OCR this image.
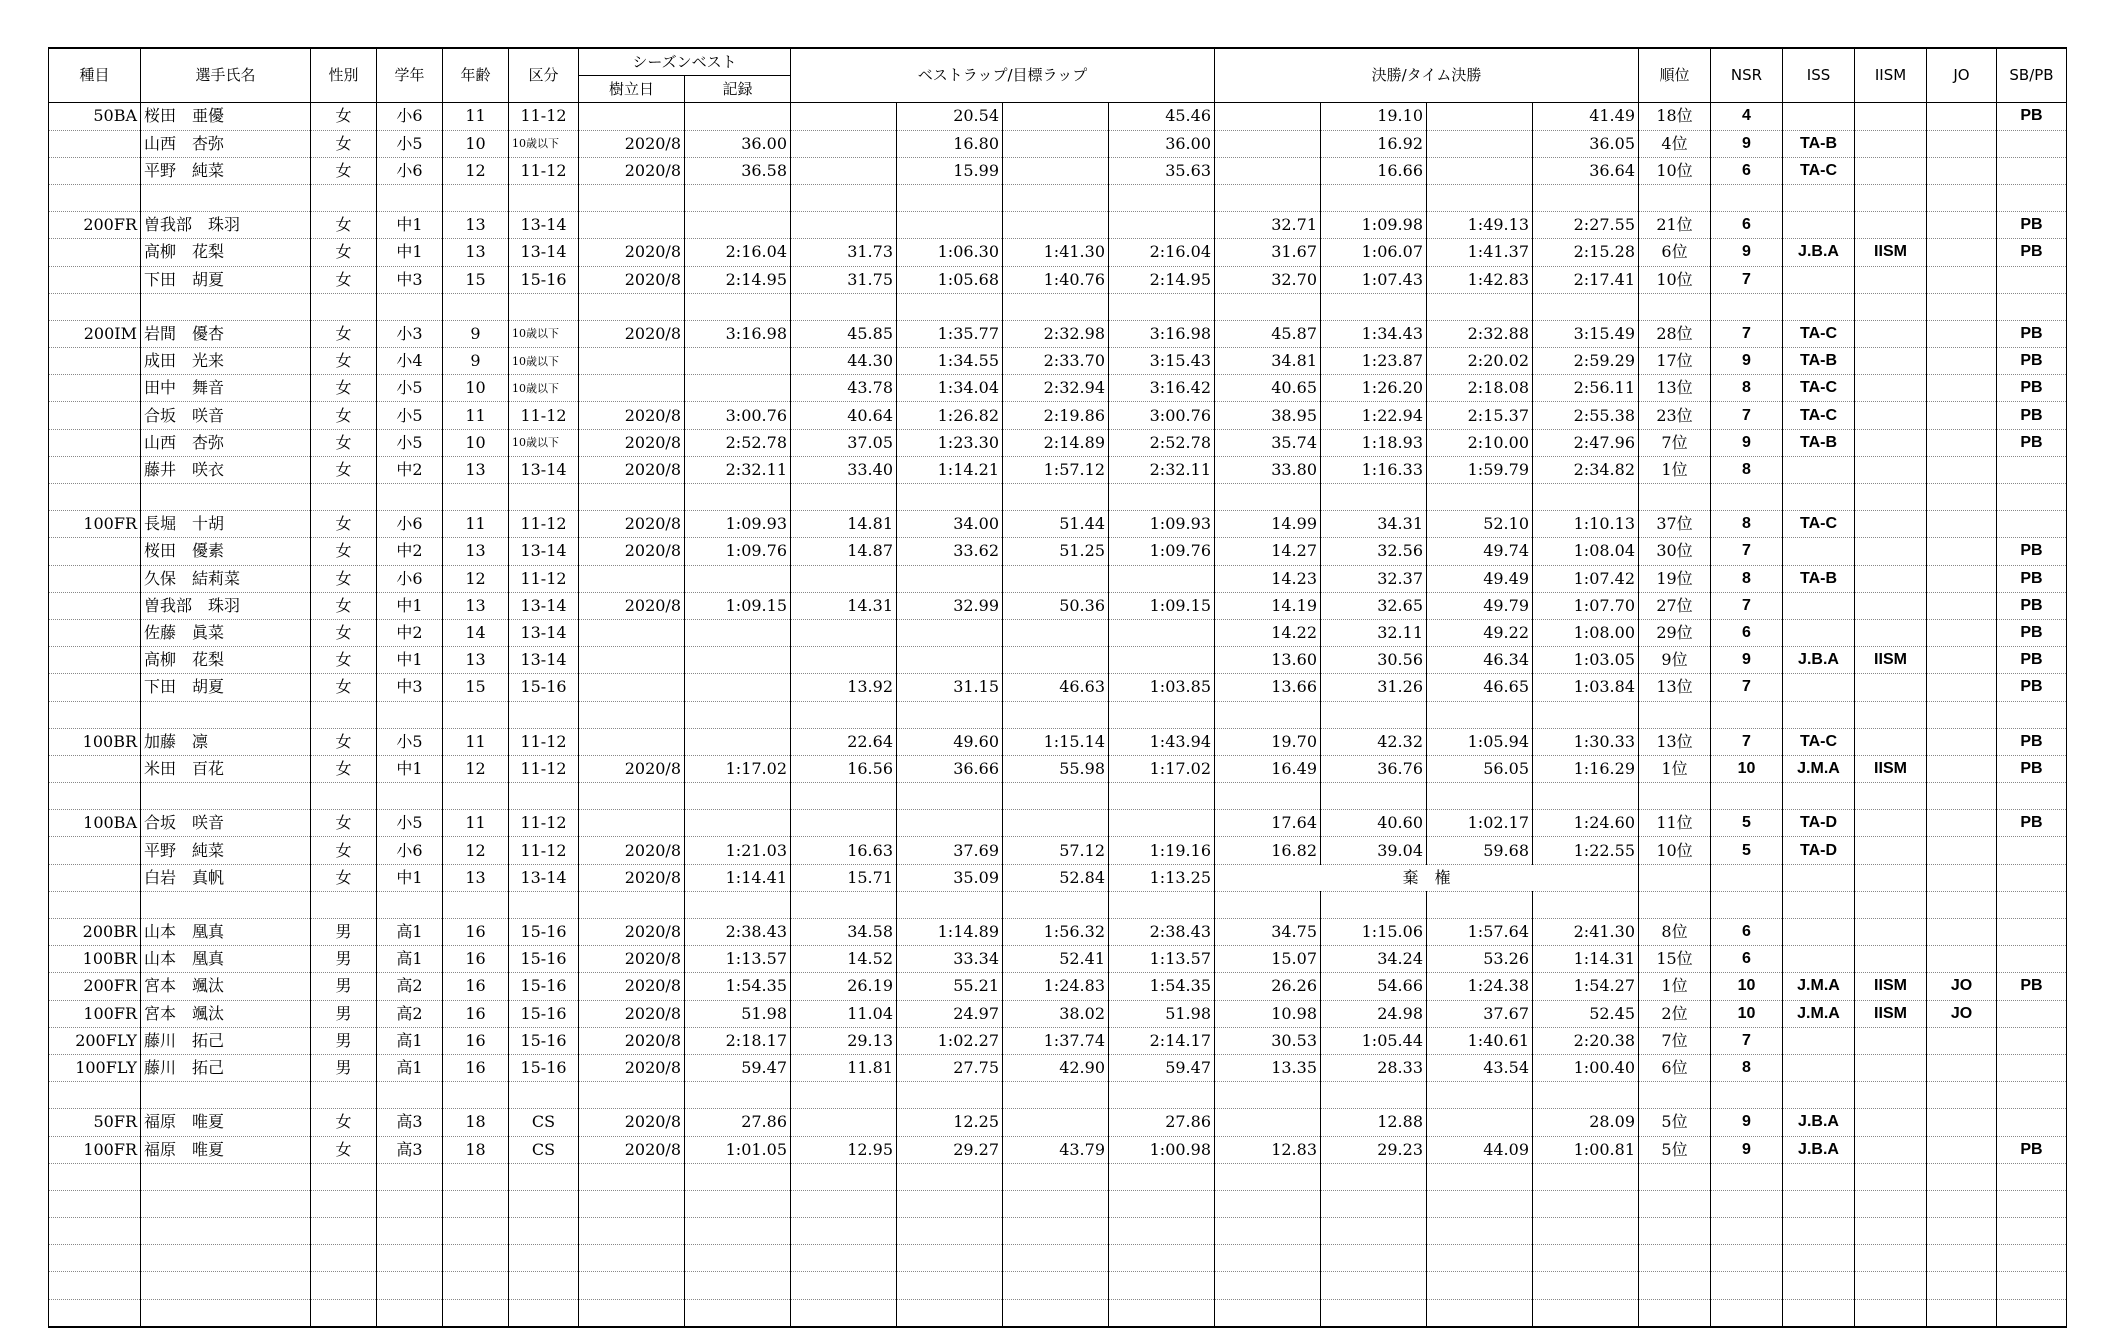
種目	選手氏名	性別	学年	年齢	区分	シーズンベスト		ベストラップ/目標ラップ				決勝/タイム決勝				順位	NSR	ISS	IISM	JO	SB/PB
						樹立日	記録														
50BA	桜田　亜優	女	小6	11	11-12				20.54		45.46		19.10		41.49	18位	4				PB
	山西　杏弥	女	小5	10	10歳以下	2020/8	36.00		16.80		36.00		16.92		36.05	4位	9	TA-B			
	平野　純菜	女	小6	12	11-12	2020/8	36.58		15.99		35.63		16.66		36.64	10位	6	TA-C			

200FR	曽我部　珠羽	女	中1	13	13-14							32.71	1:09.98	1:49.13	2:27.55	21位	6				PB
	高柳　花梨	女	中1	13	13-14	2020/8	2:16.04	31.73	1:06.30	1:41.30	2:16.04	31.67	1:06.07	1:41.37	2:15.28	6位	9	J.B.A	IISM		PB
	下田　胡夏	女	中3	15	15-16	2020/8	2:14.95	31.75	1:05.68	1:40.76	2:14.95	32.70	1:07.43	1:42.83	2:17.41	10位	7				

200IM	岩間　優杏	女	小3	9	10歳以下	2020/8	3:16.98	45.85	1:35.77	2:32.98	3:16.98	45.87	1:34.43	2:32.88	3:15.49	28位	7	TA-C			PB
	成田　光来	女	小4	9	10歳以下			44.30	1:34.55	2:33.70	3:15.43	34.81	1:23.87	2:20.02	2:59.29	17位	9	TA-B			PB
	田中　舞音	女	小5	10	10歳以下			43.78	1:34.04	2:32.94	3:16.42	40.65	1:26.20	2:18.08	2:56.11	13位	8	TA-C			PB
	合坂　咲音	女	小5	11	11-12	2020/8	3:00.76	40.64	1:26.82	2:19.86	3:00.76	38.95	1:22.94	2:15.37	2:55.38	23位	7	TA-C			PB
	山西　杏弥	女	小5	10	10歳以下	2020/8	2:52.78	37.05	1:23.30	2:14.89	2:52.78	35.74	1:18.93	2:10.00	2:47.96	7位	9	TA-B			PB
	藤井　咲衣	女	中2	13	13-14	2020/8	2:32.11	33.40	1:14.21	1:57.12	2:32.11	33.80	1:16.33	1:59.79	2:34.82	1位	8				

100FR	長堀　十胡	女	小6	11	11-12	2020/8	1:09.93	14.81	34.00	51.44	1:09.93	14.99	34.31	52.10	1:10.13	37位	8	TA-C			
	桜田　優素	女	中2	13	13-14	2020/8	1:09.76	14.87	33.62	51.25	1:09.76	14.27	32.56	49.74	1:08.04	30位	7				PB
	久保　結莉菜	女	小6	12	11-12							14.23	32.37	49.49	1:07.42	19位	8	TA-B			PB
	曽我部　珠羽	女	中1	13	13-14	2020/8	1:09.15	14.31	32.99	50.36	1:09.15	14.19	32.65	49.79	1:07.70	27位	7				PB
	佐藤　眞菜	女	中2	14	13-14							14.22	32.11	49.22	1:08.00	29位	6				PB
	高柳　花梨	女	中1	13	13-14							13.60	30.56	46.34	1:03.05	9位	9	J.B.A	IISM		PB
	下田　胡夏	女	中3	15	15-16			13.92	31.15	46.63	1:03.85	13.66	31.26	46.65	1:03.84	13位	7				PB

100BR	加藤　凛	女	小5	11	11-12			22.64	49.60	1:15.14	1:43.94	19.70	42.32	1:05.94	1:30.33	13位	7	TA-C			PB
	米田　百花	女	中1	12	11-12	2020/8	1:17.02	16.56	36.66	55.98	1:17.02	16.49	36.76	56.05	1:16.29	1位	10	J.M.A	IISM		PB

100BA	合坂　咲音	女	小5	11	11-12							17.64	40.60	1:02.17	1:24.60	11位	5	TA-D			PB
	平野　純菜	女	小6	12	11-12	2020/8	1:21.03	16.63	37.69	57.12	1:19.16	16.82	39.04	59.68	1:22.55	10位	5	TA-D			
	白岩　真帆	女	中1	13	13-14	2020/8	1:14.41	15.71	35.09	52.84	1:13.25	棄　権									

200BR	山本　凰真	男	高1	16	15-16	2020/8	2:38.43	34.58	1:14.89	1:56.32	2:38.43	34.75	1:15.06	1:57.64	2:41.30	8位	6				
100BR	山本　凰真	男	高1	16	15-16	2020/8	1:13.57	14.52	33.34	52.41	1:13.57	15.07	34.24	53.26	1:14.31	15位	6				
200FR	宮本　颯汰	男	高2	16	15-16	2020/8	1:54.35	26.19	55.21	1:24.83	1:54.35	26.26	54.66	1:24.38	1:54.27	1位	10	J.M.A	IISM	JO	PB
100FR	宮本　颯汰	男	高2	16	15-16	2020/8	51.98	11.04	24.97	38.02	51.98	10.98	24.98	37.67	52.45	2位	10	J.M.A	IISM	JO	
200FLY	藤川　拓己	男	高1	16	15-16	2020/8	2:18.17	29.13	1:02.27	1:37.74	2:14.17	30.53	1:05.44	1:40.61	2:20.38	7位	7				
100FLY	藤川　拓己	男	高1	16	15-16	2020/8	59.47	11.81	27.75	42.90	59.47	13.35	28.33	43.54	1:00.40	6位	8				

50FR	福原　唯夏	女	高3	18	CS	2020/8	27.86		12.25		27.86		12.88		28.09	5位	9	J.B.A			
100FR	福原　唯夏	女	高3	18	CS	2020/8	1:01.05	12.95	29.27	43.79	1:00.98	12.83	29.23	44.09	1:00.81	5位	9	J.B.A			PB
